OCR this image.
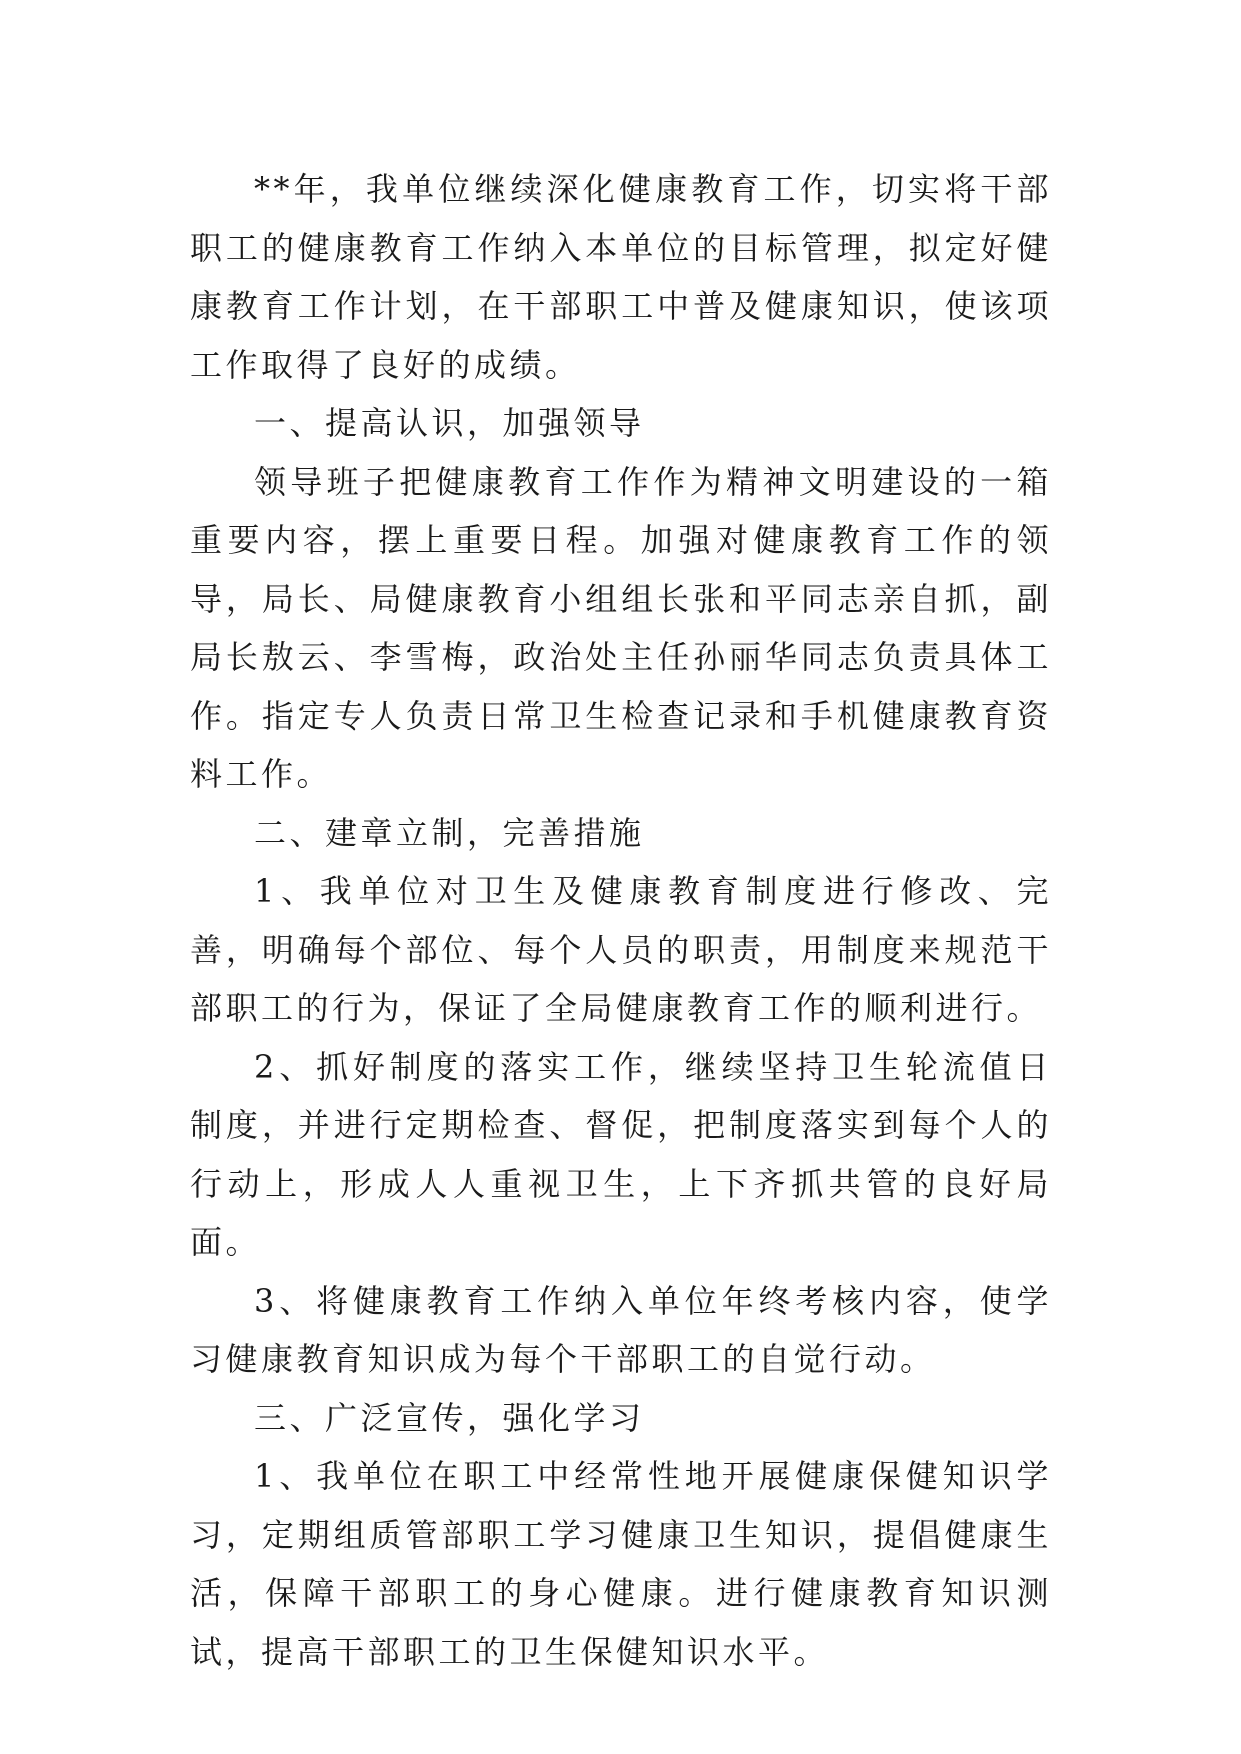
**年，我单位继续深化健康教育工作，切实将干部职工的健康教育工作纳入本单位的目标管理，拟定好健康教育工作计划，在干部职工中普及健康知识，使该项工作取得了良好的成绩。

一、提高认识，加强领导

领导班子把健康教育工作作为精神文明建设的一箱重要内容，摆上重要日程。加强对健康教育工作的领导，局长、局健康教育小组组长张和平同志亲自抓，副局长敖云、李雪梅，政治处主任孙丽华同志负责具体工作。指定专人负责日常卫生检查记录和手机健康教育资料工作。

二、建章立制，完善措施

1、我单位对卫生及健康教育制度进行修改、完善，明确每个部位、每个人员的职责，用制度来规范干部职工的行为，保证了全局健康教育工作的顺利进行。

2、抓好制度的落实工作，继续坚持卫生轮流值日制度，并进行定期检查、督促，把制度落实到每个人的行动上，形成人人重视卫生，上下齐抓共管的良好局面。

3、将健康教育工作纳入单位年终考核内容，使学习健康教育知识成为每个干部职工的自觉行动。

三、广泛宣传，强化学习

1、我单位在职工中经常性地开展健康保健知识学习，定期组质管部职工学习健康卫生知识，提倡健康生活，保障干部职工的身心健康。进行健康教育知识测试，提高干部职工的卫生保健知识水平。
